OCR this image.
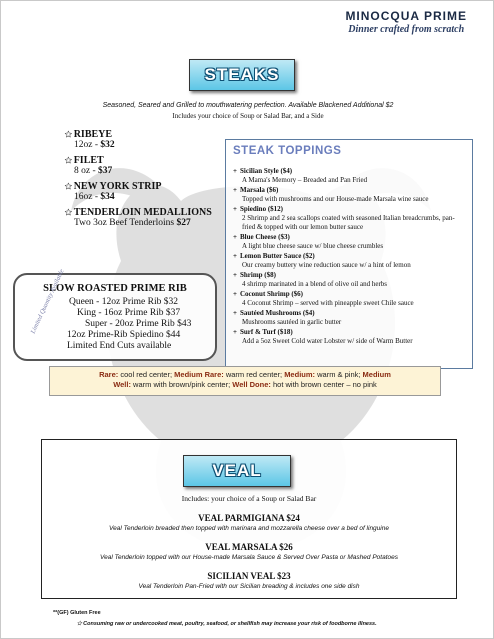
MINOCQUA PRIME
Dinner crafted from scratch
STEAKS
Seasoned, Seared and Grilled to mouthwatering perfection. Available Blackened Additional $2
Includes your choice of Soup or Salad Bar, and a Side
✩ RIBEYE
12oz - $32
✩ FILET
8 oz - $37
✩ NEW YORK STRIP
16oz - $34
✩ TENDERLOIN MEDALLIONS
Two 3oz Beef Tenderloins $27
STEAK TOPPINGS
+ Sicilian Style ($4)
A Mama's Memory – Breaded and Pan Fried
+ Marsala ($6)
Topped with mushrooms and our House-made Marsala wine sauce
+ Spiedino ($12)
2 Shrimp and 2 sea scallops coated with seasoned Italian breadcrumbs, pan-fried & topped with our lemon butter sauce
+ Blue Cheese ($3)
A light blue cheese sauce w/ blue cheese crumbles
+ Lemon Butter Sauce ($2)
Our creamy buttery wine reduction sauce w/ a hint of lemon
+ Shrimp ($8)
4 shrimp marinated in a blend of olive oil and herbs
+ Coconut Shrimp ($6)
4 Coconut Shrimp – served with pineapple sweet Chile sauce
+ Sautéed Mushrooms ($4)
Mushrooms sautéed in garlic butter
+ Surf & Turf ($18)
Add a 5oz Sweet Cold water Lobster w/ side of Warm Butter
SLOW ROASTED PRIME RIB
Limited Quantity Available Queen - 12oz Prime Rib $32
King - 16oz Prime Rib $37
Super - 20oz Prime Rib $43
12oz Prime-Rib Spiedino $44
Limited End Cuts available
Rare: cool red center; Medium Rare: warm red center; Medium: warm & pink; Medium
Well: warm with brown/pink center; Well Done: hot with brown center – no pink
VEAL
Includes: your choice of a Soup or Salad Bar
VEAL PARMIGIANA $24
Veal Tenderloin breaded then topped with marinara and mozzarella cheese over a bed of linguine
VEAL MARSALA $26
Veal Tenderloin topped with our House-made Marsala Sauce & Served Over Pasta or Mashed Potatoes
SICILIAN VEAL $23
Veal Tenderloin Pan-Fried with our Sicilian breading & includes one side dish
**(GF) Gluten Free
✩ Consuming raw or undercooked meat, poultry, seafood, or shellfish may increase your risk of foodborne illness.
